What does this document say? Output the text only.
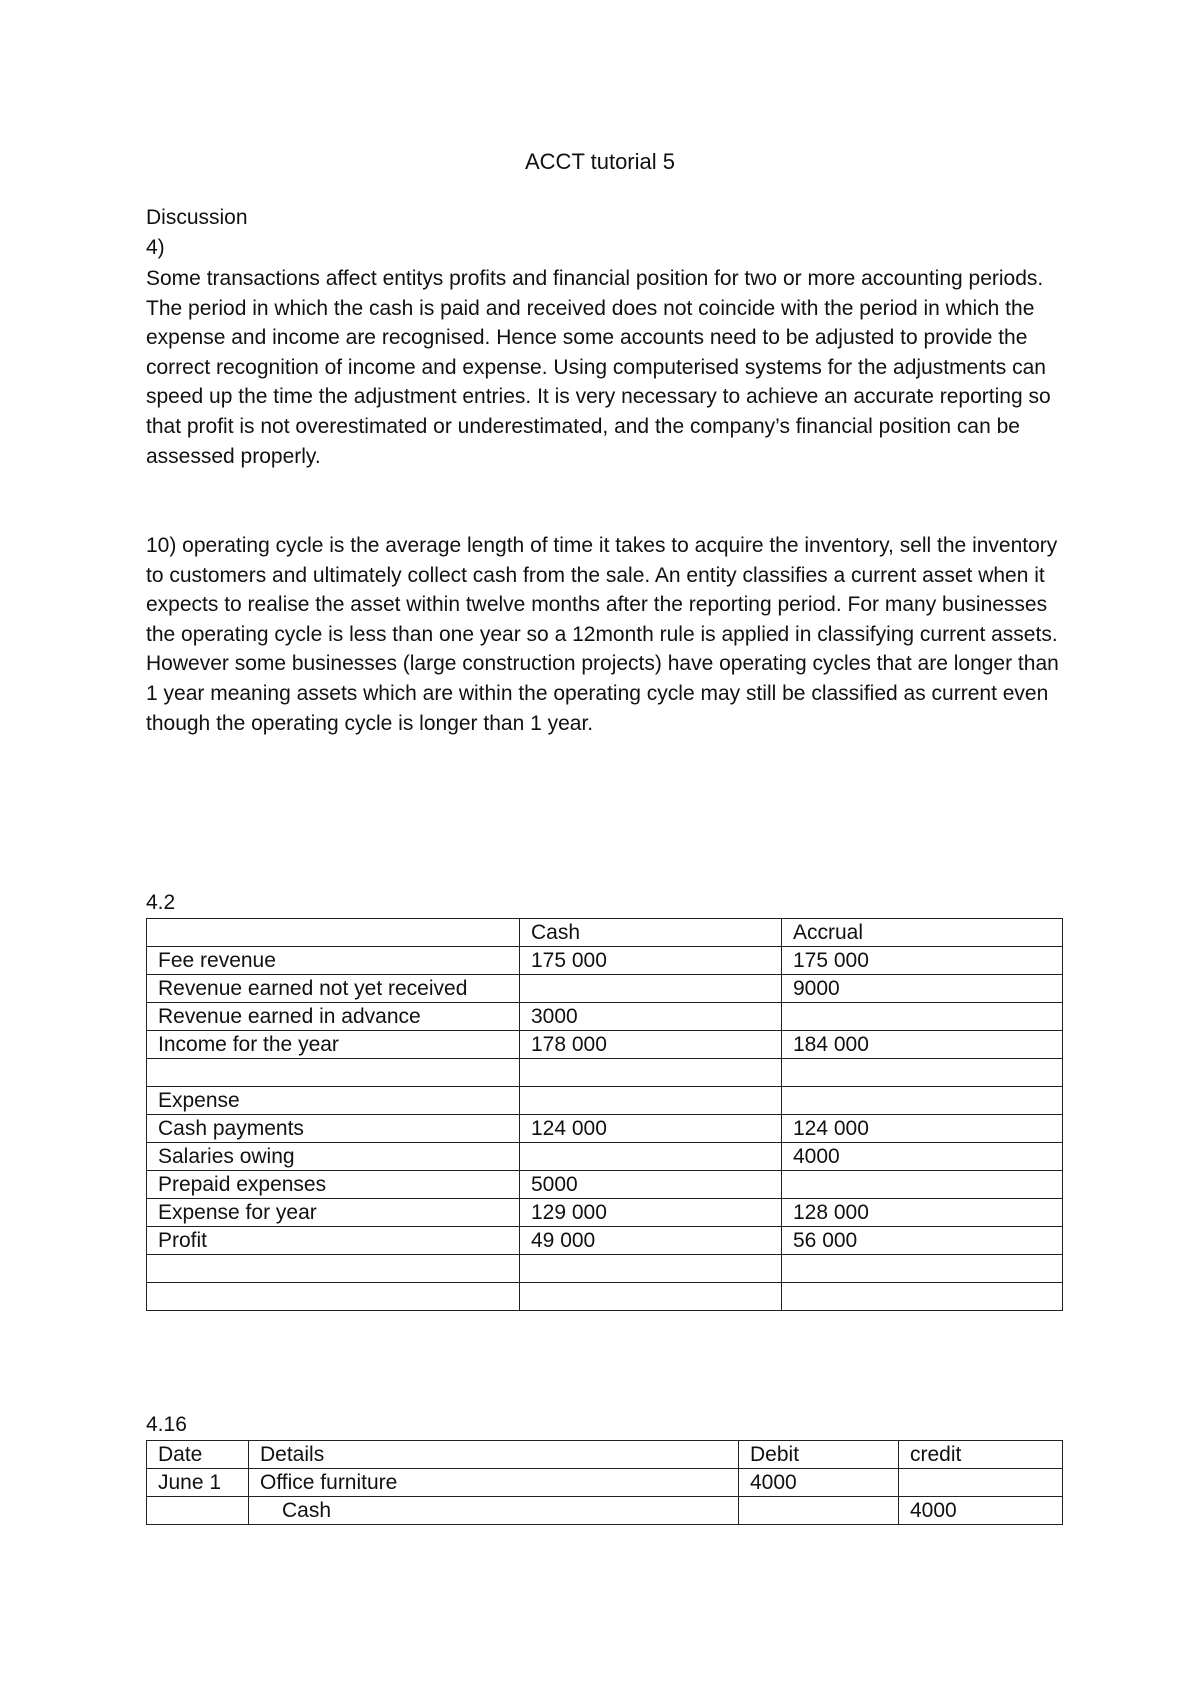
ACCT tutorial 5
Discussion
4)

Some transactions affect entitys profits and financial position for two or more accounting periods. The period in which the cash is paid and received does not coincide with the period in which the expense and income are recognised. Hence some accounts need to be adjusted to provide the correct recognition of income and expense. Using computerised systems for the adjustments can speed up the time the adjustment entries. It is very necessary to achieve an accurate reporting so that profit is not overestimated or underestimated, and the company’s financial position can be assessed properly.

10) operating cycle is the average length of time it takes to acquire the inventory, sell the inventory to customers and ultimately collect cash from the sale. An entity classifies a current asset when it expects to realise the asset within twelve months after the reporting period. For many businesses the operating cycle is less than one year so a 12month rule is applied in classifying current assets. However some businesses (large construction projects) have operating cycles that are longer than 1 year meaning assets which are within the operating cycle may still be classified as current even though the operating cycle is longer than 1 year.

4.2
	Cash	Accrual
Fee revenue	175 000	175 000
Revenue earned not yet received		9000
Revenue earned in advance	3000	
Income for the year	178 000	184 000

Expense		
Cash payments	124 000	124 000
Salaries owing		4000
Prepaid expenses	5000	
Expense for year	129 000	128 000
Profit	49 000	56 000

4.16
Date	Details	Debit	credit
June 1	Office furniture	4000	
	Cash		4000
